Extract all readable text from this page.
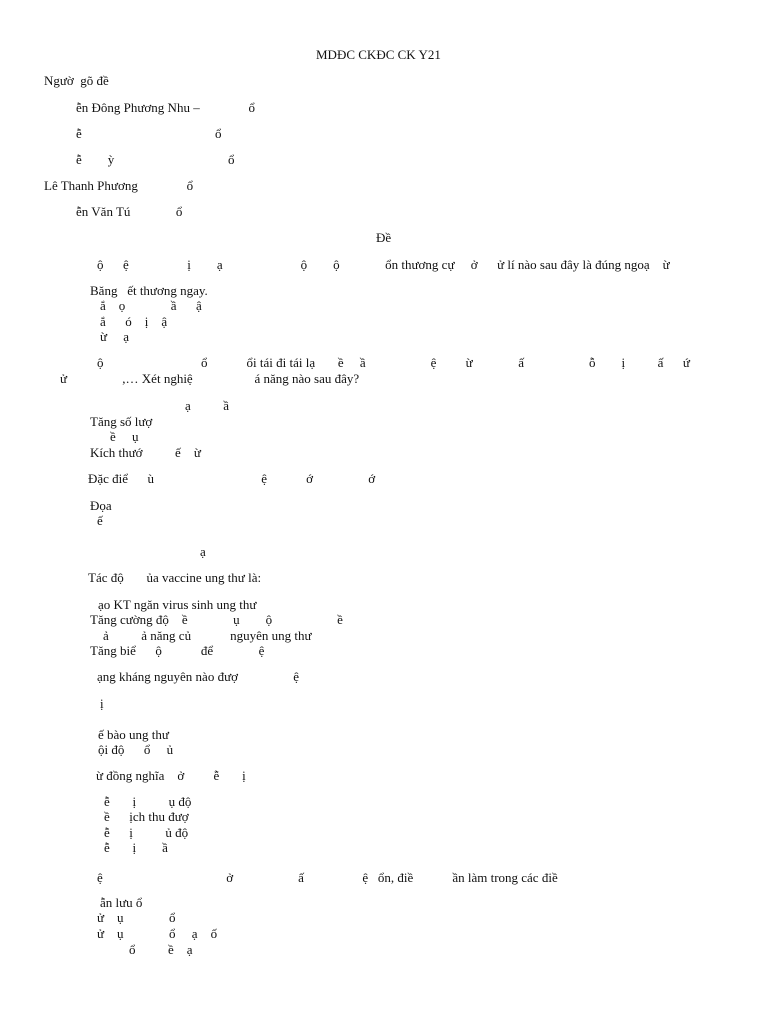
MDĐC CKĐC CK Y21
Ngườ  gõ đề
ễn Đông Phương Nhu –               ổ
ễ                                         ổ
ễ        ỳ                                   ổ
Lê Thanh Phương               ổ
ễn Văn Tú              ổ
Đề
ộ      ệ                  ị        ạ                        ộ        ộ              ổn thương cự     ở      ử lí nào sau đây là đúng ngoạ    ừ
Băng   ết thương ngay.
ắ    ọ              ầ      ậ
ắ      ó    ị    ậ
ừ     ạ
ộ                              ổ            ổi tái đi tái lạ       ề     ầ                    ệ         ừ              ấ                    ỗ        ị          ấ      ứ
ử                 ,… Xét nghiệ                   á năng nào sau đây?
ạ          ầ
Tăng số lượ
ề     ụ
Kích thướ          ế    ừ
Đặc điể      ù                                 ệ            ớ                 ớ
Đọa
ế
ạ
Tác độ       ủa vaccine ung thư là:
ạo KT ngăn virus sinh ung thư
Tăng cường độ    ề              ụ        ộ                    ề
ả          ả năng củ            nguyên ung thư
Tăng biể      ộ            để              ệ
ạng kháng nguyên nào đượ                 ệ
ị
ế bào ung thư
ội độ      ổ     ủ
ừ đồng nghĩa    ở         ễ       ị
ễ       ị          ụ độ
ề      ịch thu đượ
ễ      ị          ủ độ
ễ       ị        ầ
ệ                                      ở                    ấ                  ệ   ổn, điề            ần làm trong các điề
ẫn lưu ổ
ử    ụ              ổ
ử    ụ              ổ     ạ    ố
ổ          ề    ạ
